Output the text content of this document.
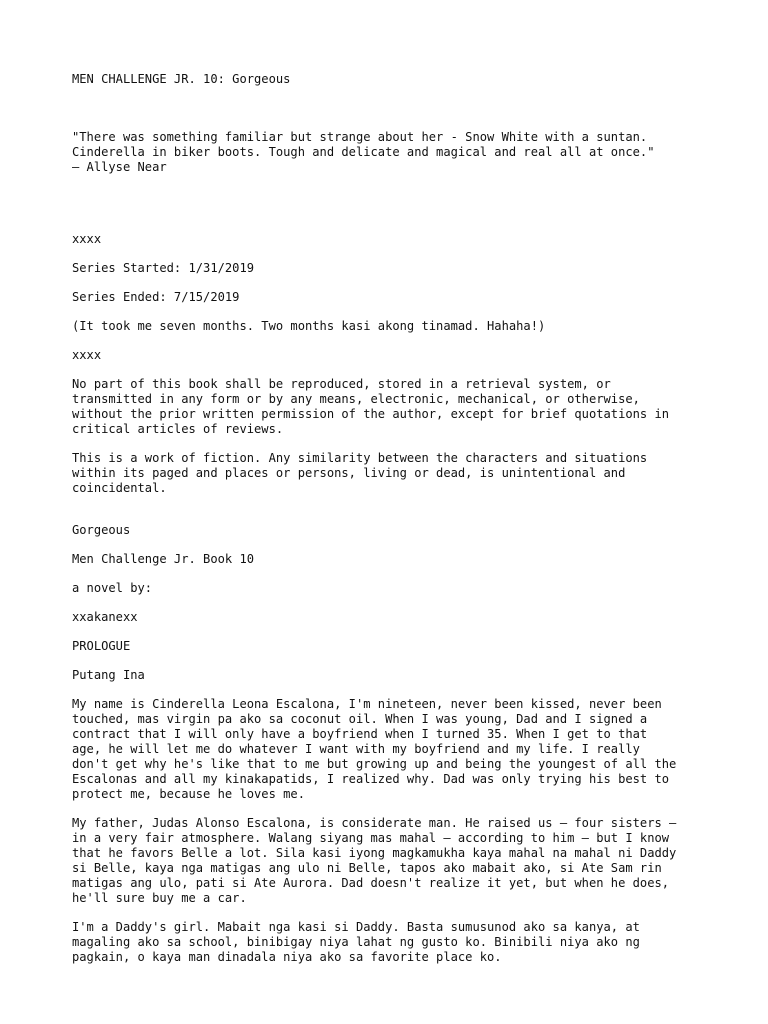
MEN CHALLENGE JR. 10: Gorgeous

"There was something familiar but strange about her - Snow White with a suntan.
Cinderella in biker boots. Tough and delicate and magical and real all at once."

― Allyse Near

xxxx

Series Started: 1/31/2019

Series Ended: 7/15/2019

(It took me seven months. Two months kasi akong tinamad. Hahaha!)

xxxx

No part of this book shall be reproduced, stored in a retrieval system, or
transmitted in any form or by any means, electronic, mechanical, or otherwise,
without the prior written permission of the author, except for brief quotations in
critical articles of reviews.

This is a work of fiction. Any similarity between the characters and situations
within its paged and places or persons, living or dead, is unintentional and
coincidental.

Gorgeous

Men Challenge Jr. Book 10

a novel by:

xxakanexx

PROLOGUE

Putang Ina

My name is Cinderella Leona Escalona, I'm nineteen, never been kissed, never been
touched, mas virgin pa ako sa coconut oil. When I was young, Dad and I signed a
contract that I will only have a boyfriend when I turned 35. When I get to that
age, he will let me do whatever I want with my boyfriend and my life. I really
don't get why he's like that to me but growing up and being the youngest of all the
Escalonas and all my kinakapatids, I realized why. Dad was only trying his best to
protect me, because he loves me.

My father, Judas Alonso Escalona, is considerate man. He raised us – four sisters –
in a very fair atmosphere. Walang siyang mas mahal – according to him – but I know
that he favors Belle a lot. Sila kasi iyong magkamukha kaya mahal na mahal ni Daddy
si Belle, kaya nga matigas ang ulo ni Belle, tapos ako mabait ako, si Ate Sam rin
matigas ang ulo, pati si Ate Aurora. Dad doesn't realize it yet, but when he does,
he'll sure buy me a car.

I'm a Daddy's girl. Mabait nga kasi si Daddy. Basta sumusunod ako sa kanya, at
magaling ako sa school, binibigay niya lahat ng gusto ko. Binibili niya ako ng
pagkain, o kaya man dinadala niya ako sa favorite place ko.
